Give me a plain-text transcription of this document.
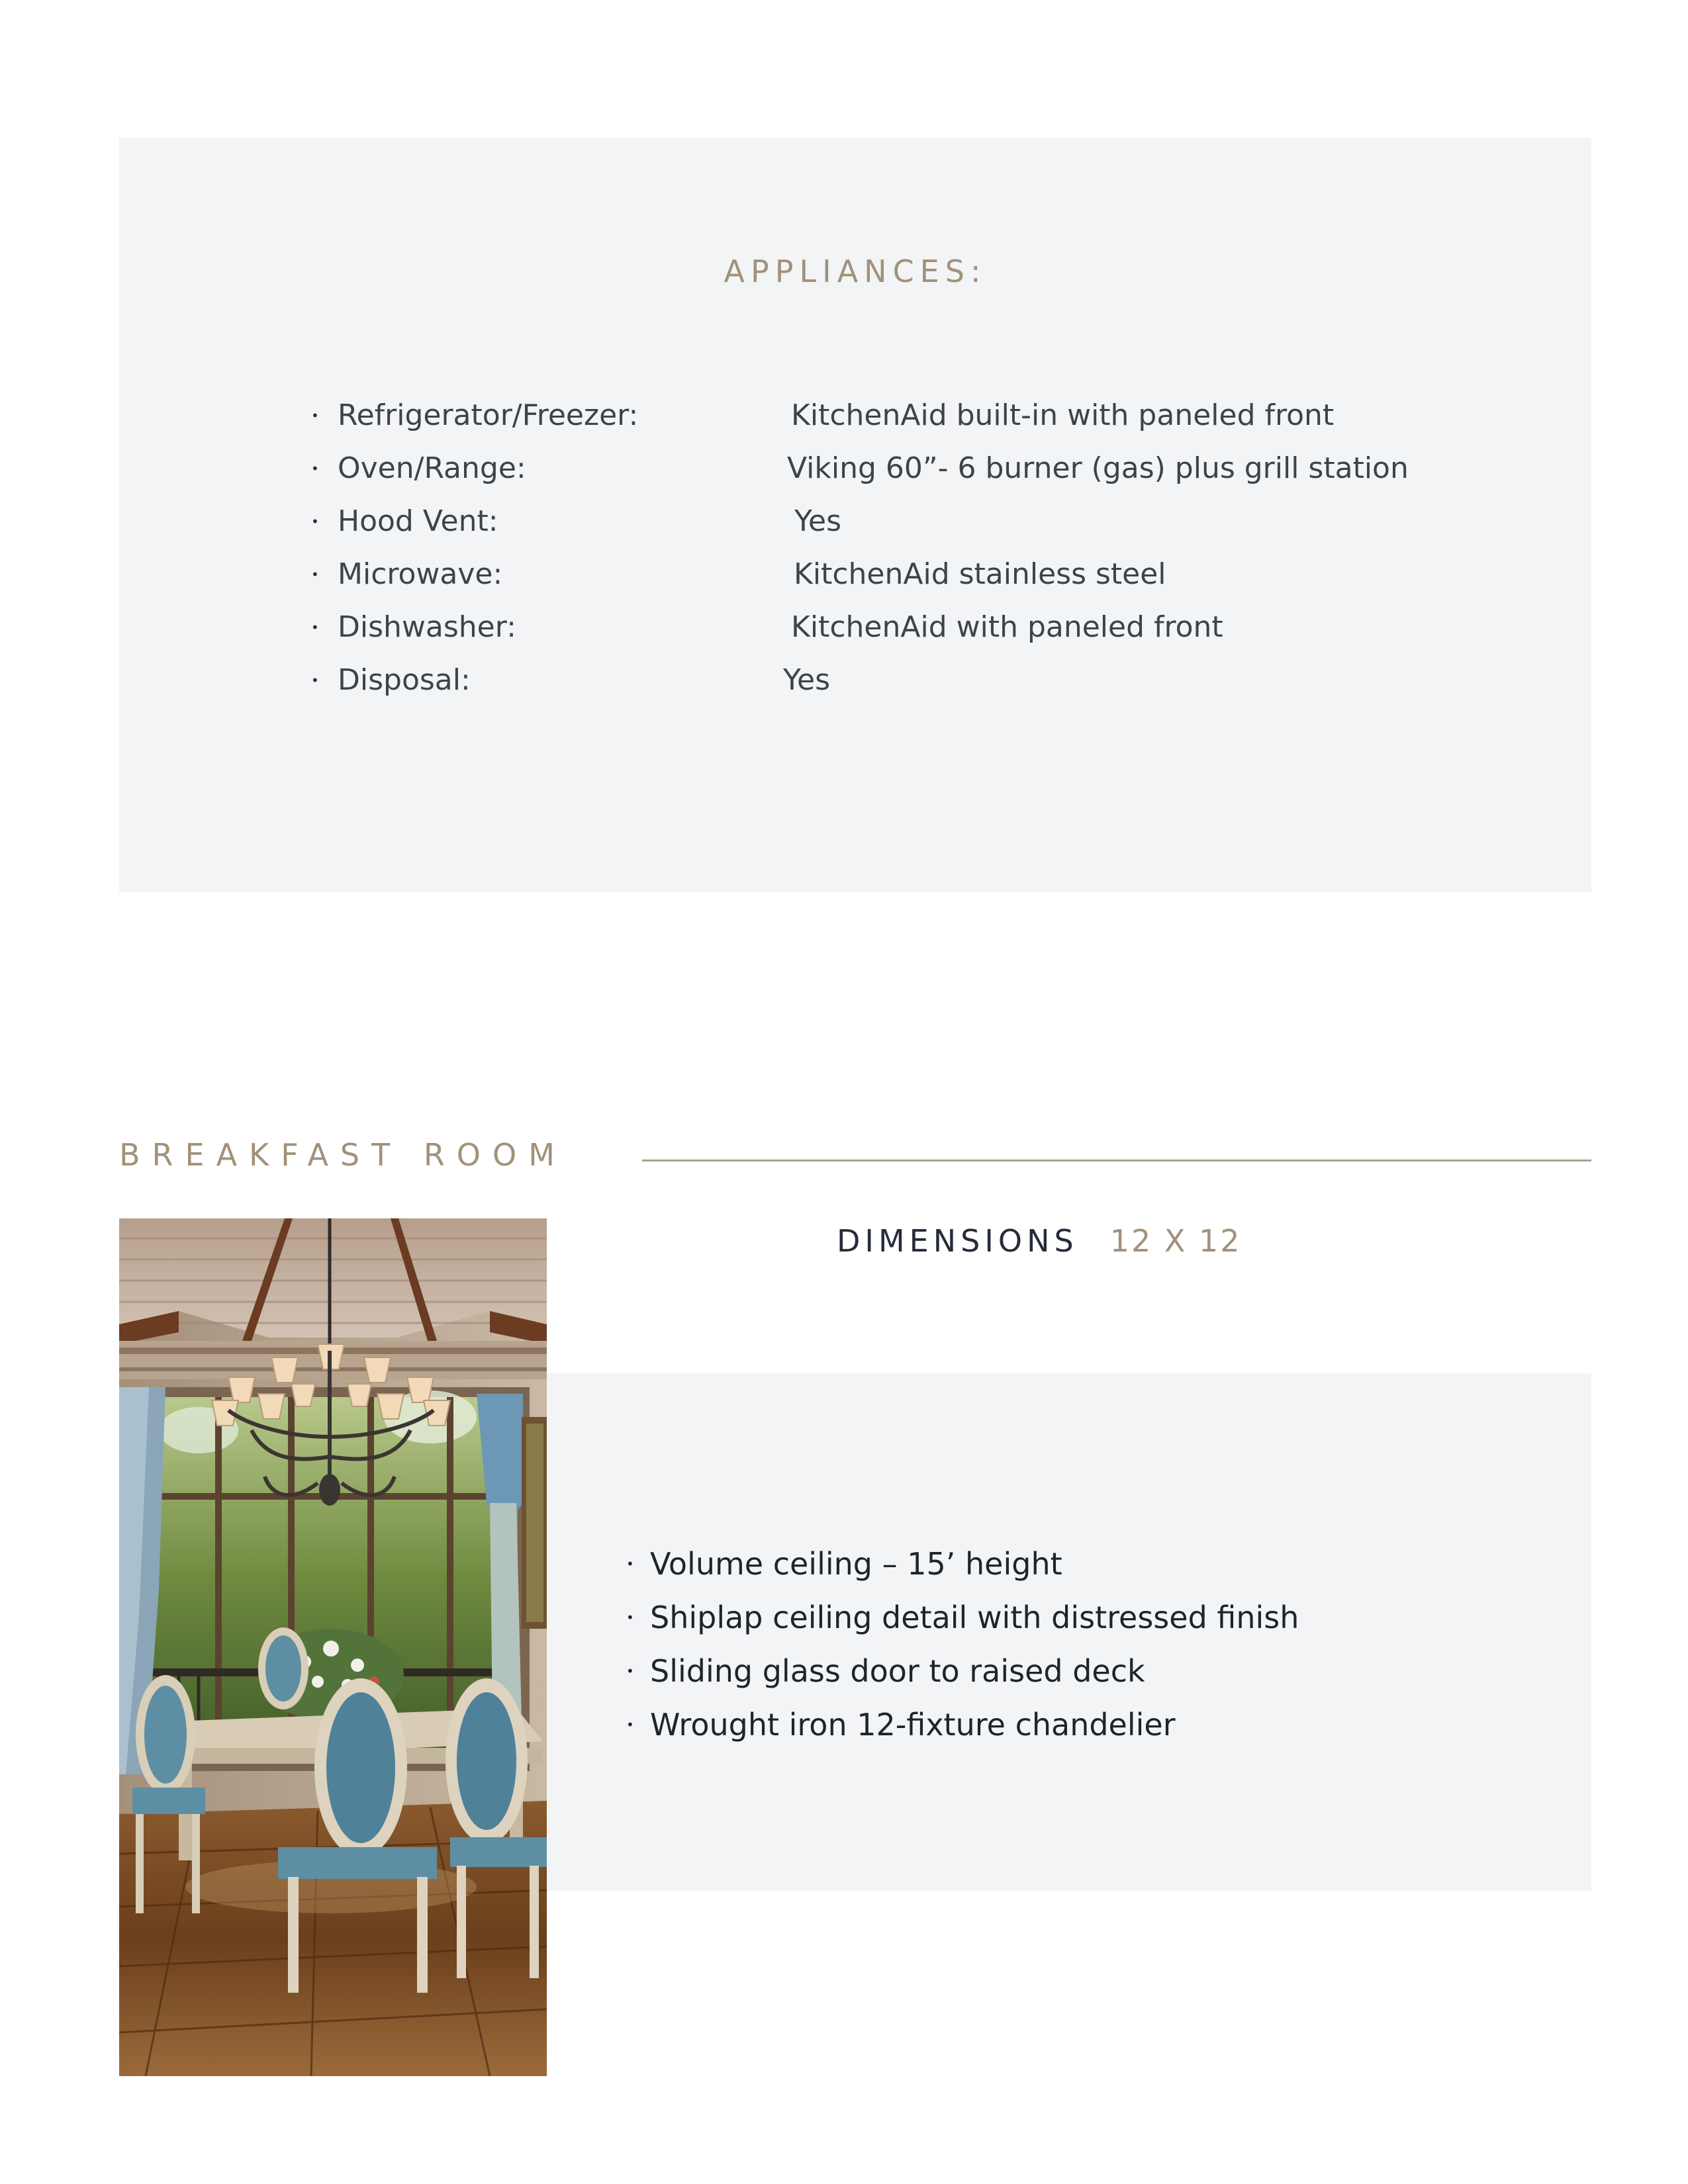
APPLIANCES:
• Refrigerator/Freezer:	KitchenAid built-in with paneled front
• Oven/Range:	Viking 60”- 6 burner (gas) plus grill station
• Hood Vent:	Yes
• Microwave:	KitchenAid stainless steel
• Dishwasher:	KitchenAid with paneled front
• Disposal:	Yes
BREAKFAST ROOM
DIMENSIONS 12 X 12
• Volume ceiling – 15’ height
• Shiplap ceiling detail with distressed finish
• Sliding glass door to raised deck
• Wrought iron 12-fixture chandelier
